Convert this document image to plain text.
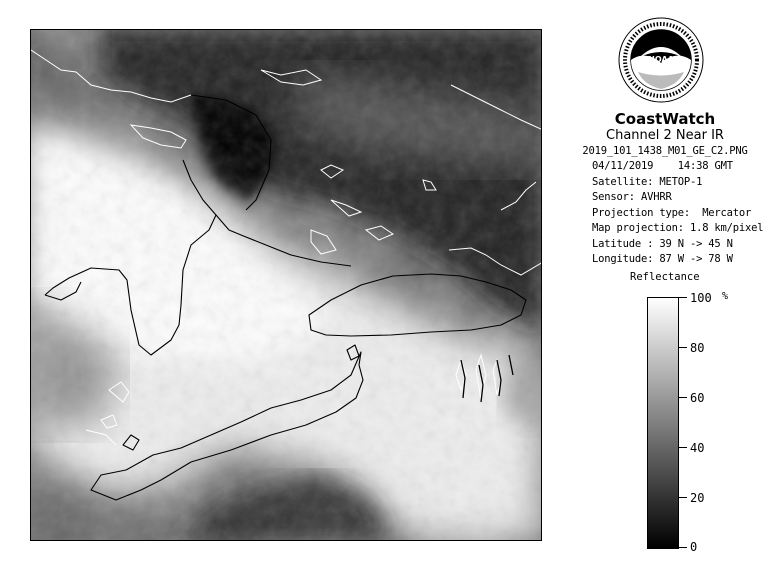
NOAA
CoastWatch
Channel 2 Near IR
2019_101_1438_M01_GE_C2.PNG
04/11/2019 14:38 GMT
Satellite: METOP-1
Sensor: AVHRR
Projection type:  Mercator
Map projection: 1.8 km/pixel
Latitude : 39 N -> 45 N
Longitude: 87 W -> 78 W
Reflectance
%
100
80
60
40
20
0
